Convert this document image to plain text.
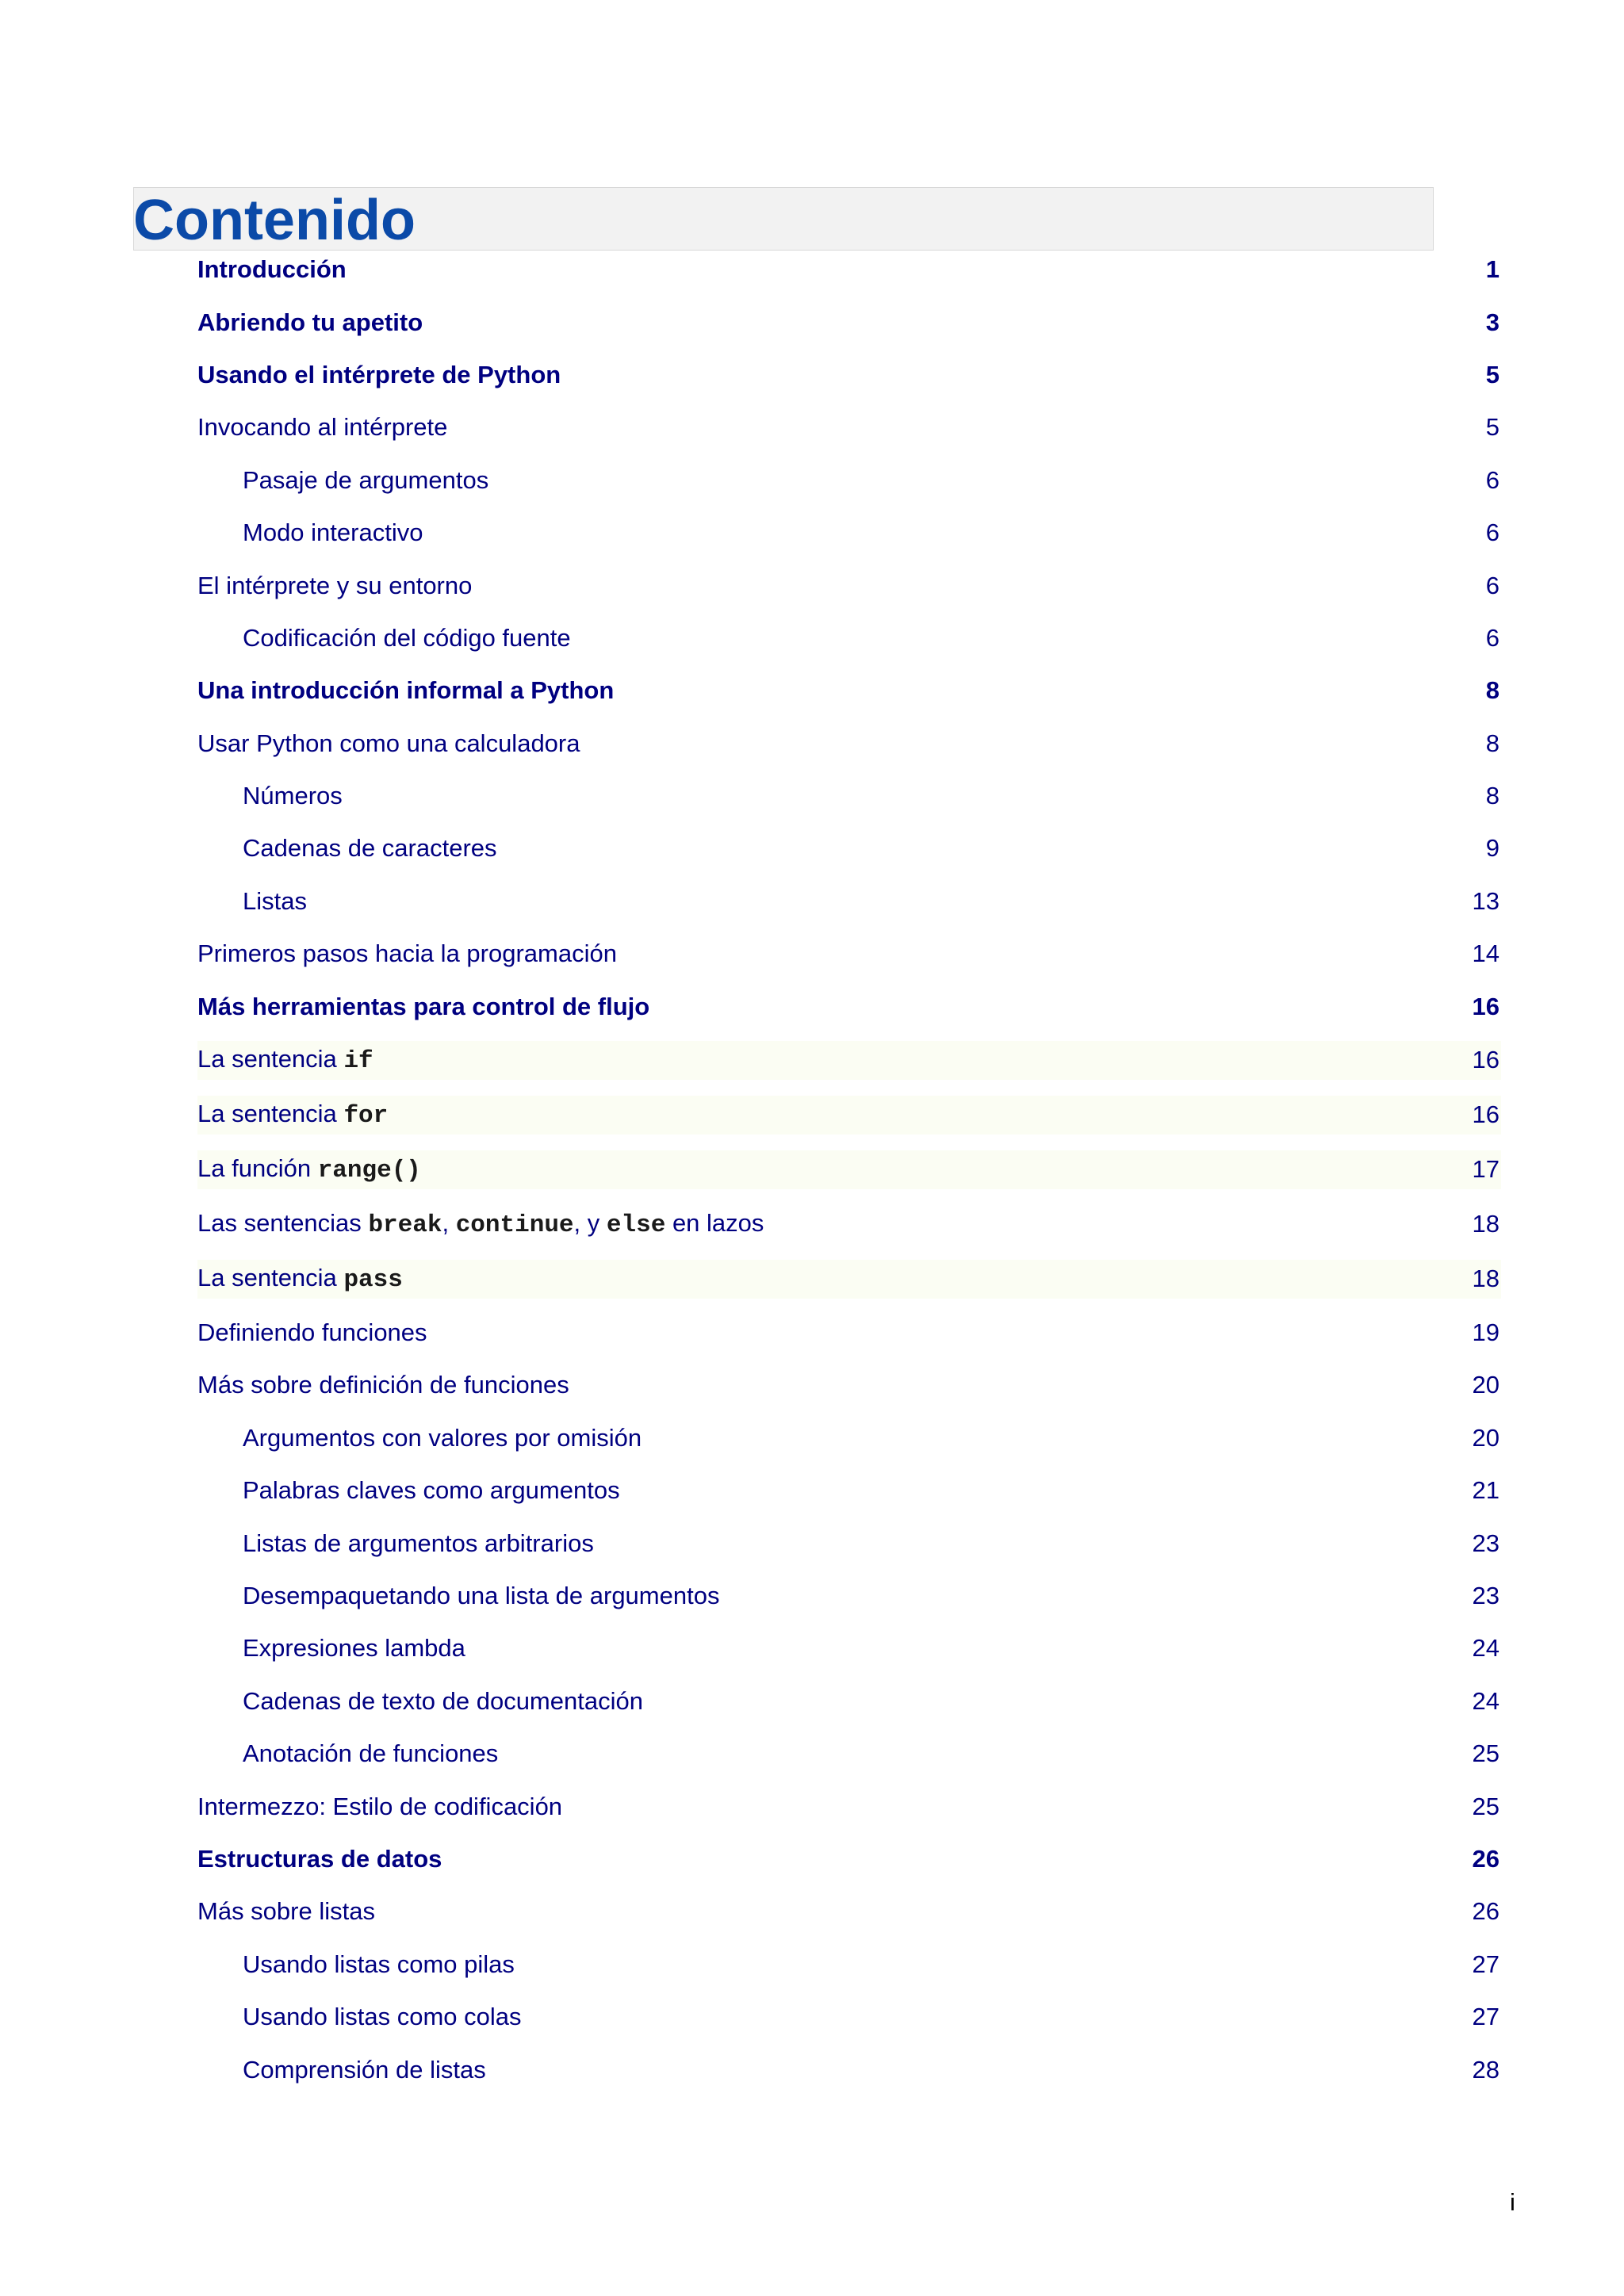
Contenido
Introducción	1
Abriendo tu apetito	3
Usando el intérprete de Python	5
Invocando al intérprete	5
Pasaje de argumentos	6
Modo interactivo	6
El intérprete y su entorno	6
Codificación del código fuente	6
Una introducción informal a Python	8
Usar Python como una calculadora	8
Números	8
Cadenas de caracteres	9
Listas	13
Primeros pasos hacia la programación	14
Más herramientas para control de flujo	16
La sentencia if	16
La sentencia for	16
La función range()	17
Las sentencias break, continue, y else en lazos	18
La sentencia pass	18
Definiendo funciones	19
Más sobre definición de funciones	20
Argumentos con valores por omisión	20
Palabras claves como argumentos	21
Listas de argumentos arbitrarios	23
Desempaquetando una lista de argumentos	23
Expresiones lambda	24
Cadenas de texto de documentación	24
Anotación de funciones	25
Intermezzo: Estilo de codificación	25
Estructuras de datos	26
Más sobre listas	26
Usando listas como pilas	27
Usando listas como colas	27
Comprensión de listas	28
i
